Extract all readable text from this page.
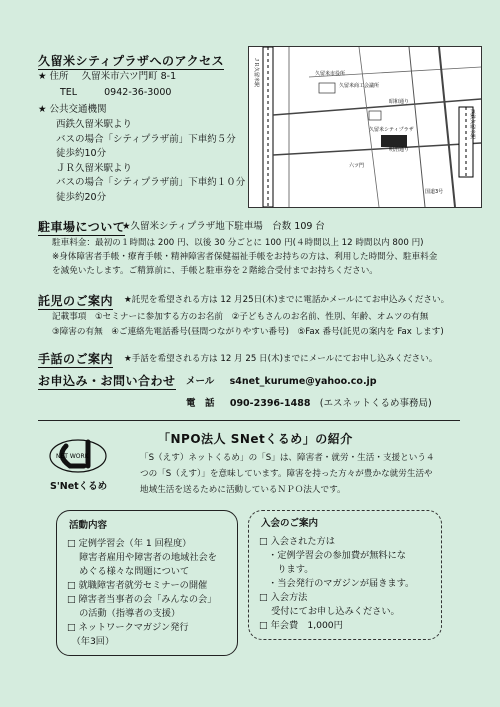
久留米シティプラザへのアクセス
★ 住所 久留米市六ツ門町 8-1
TEL	0942-36-3000
★ 公共交通機関
西鉄久留米駅より
バスの場合「シティプラザ前」下車約５分
徒歩約10分
ＪＲ久留米駅より
バスの場合「シティプラザ前」下車約１０分
徒歩約20分
ＪＲ久留米駅	久留米市役所
久留米商工会議所
昭和通り
明治通り
六ツ門
久留米シティプラザ	西鉄久留米駅
国道3号
駐車場について
★久留米シティプラザ地下駐車場　台数 109 台
駐車料金：最初の１時間は 200 円、以後 30 分ごとに 100 円(４時間以上 12 時間以内 800 円)
※身体障害者手帳・療育手帳・精神障害者保健福祉手帳をお持ちの方は、利用した時間分、駐車料金
を減免いたします。ご精算前に、手帳と駐車券を２階総合受付までお持ちください。
託児のご案内 ★託児を希望される方は 12 月25日(木)までに電話かメールにてお申込みください。
記載事項　①セミナーに参加する方のお名前　②子どもさんのお名前、性別、年齢、オムツの有無
③障害の有無　④ご連絡先電話番号(昼間つながりやすい番号)　⑤Fax 番号(託児の案内を Fax します)
手話のご案内 ★手話を希望される方は 12 月 25 日(木)までにメールにてお申し込みください。
お申込み・お問い合わせ メール s4net_kurume@yahoo.co.jp
電　話 090-2396-1488 (エスネットくるめ事務局)
NET WORK
S'Netくるめ
「NPO法人 SNetくるめ」の紹介
「S（えす）ネットくるめ」の「S」は、障害者・就労・生活・支援という４
つの「S（えす）」を意味しています。障害を持った方々が豊かな就労生活や
地域生活を送るために活動しているＮＰＯ法人です。
活動内容
□ 定例学習会（年 1 回程度）
　 障害者雇用や障害者の地域社会を
　 めぐる様々な問題について
□ 就職障害者就労セミナーの開催
□ 障害者当事者の会「みんなの会」
　 の活動（指導者の支援）
□ ネットワークマガジン発行
　（年3回）
入会のご案内
□ 入会された方は
　・定例学習会の参加費が無料にな
　　ります。
　・当会発行のマガジンが届きます。
□ 入会方法
　 受付にてお申し込みください。
□ 年会費　1,000円
